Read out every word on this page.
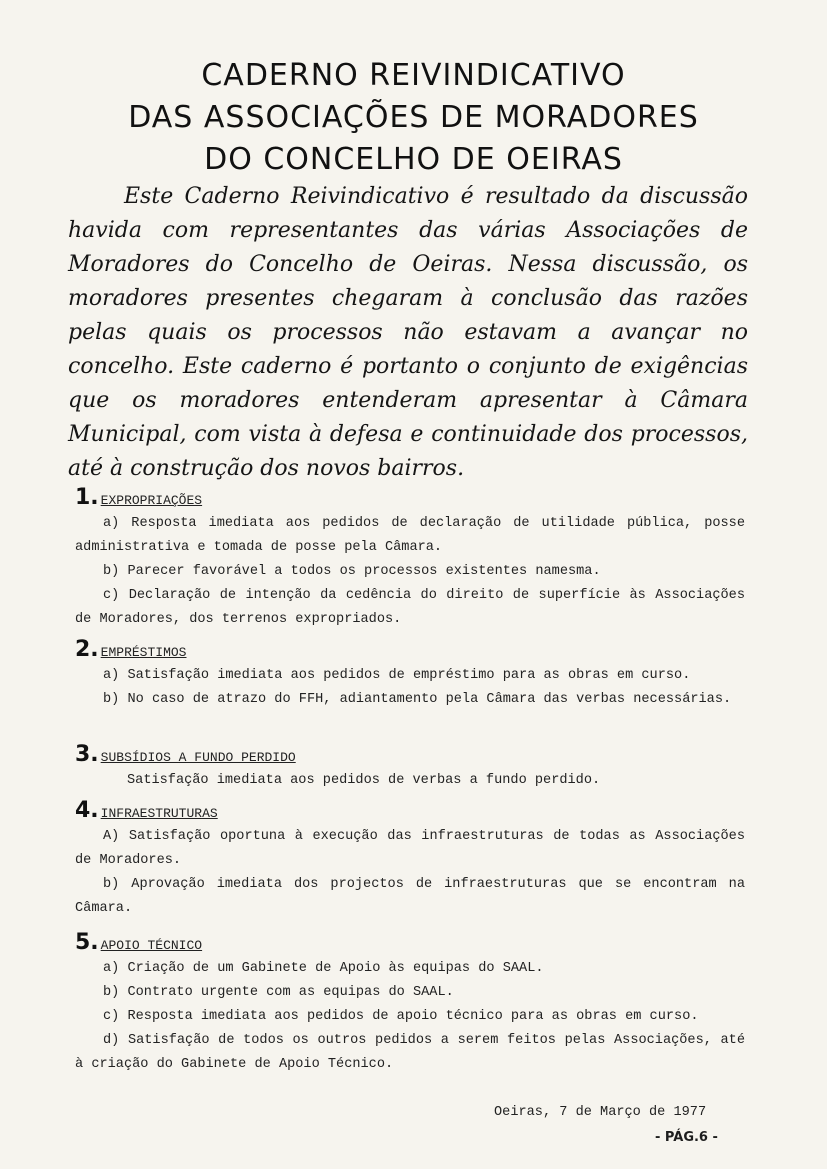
CADERNO REIVINDICATIVO
DAS ASSOCIAÇÕES DE MORADORES
DO CONCELHO DE OEIRAS
Este Caderno Reivindicativo é resultado da discussão havida com representantes das várias Associações de Moradores do Concelho de Oeiras. Nessa discussão, os moradores presentes chegaram à conclusão das razões pelas quais os processos não estavam a avançar no concelho. Este caderno é portanto o conjunto de exigências que os moradores entenderam apresentar à Câmara Municipal, com vista à defesa e continuidade dos processos, até à construção dos novos bairros.
1. EXPROPRIAÇÕES
a) Resposta imediata aos pedidos de declaração de utilidade pública, posse administrativa e tomada de posse pela Câmara.
b) Parecer favorável a todos os processos existentes namesma.
c) Declaração de intenção da cedência do direito de superfície às Associações de Moradores, dos terrenos expropriados.
2. EMPRÉSTIMOS
a) Satisfação imediata aos pedidos de empréstimo para as obras em curso.
b) No caso de atrazo do FFH, adiantamento pela Câmara das verbas necessárias.
3. SUBSÍDIOS A FUNDO PERDIDO
Satisfação imediata aos pedidos de verbas a fundo perdido.
4. INFRAESTRUTURAS
A) Satisfação oportuna à execução das infraestruturas de todas as Associações de Moradores.
b) Aprovação imediata dos projectos de infraestruturas que se encontram na Câmara.
5. APOIO TÉCNICO
a) Criação de um Gabinete de Apoio às equipas do SAAL.
b) Contrato urgente com as equipas do SAAL.
c) Resposta imediata aos pedidos de apoio técnico para as obras em curso.
d) Satisfação de todos os outros pedidos a serem feitos pelas Associações, até à criação do Gabinete de Apoio Técnico.
Oeiras, 7 de Março de 1977
- PÁG.6 -
